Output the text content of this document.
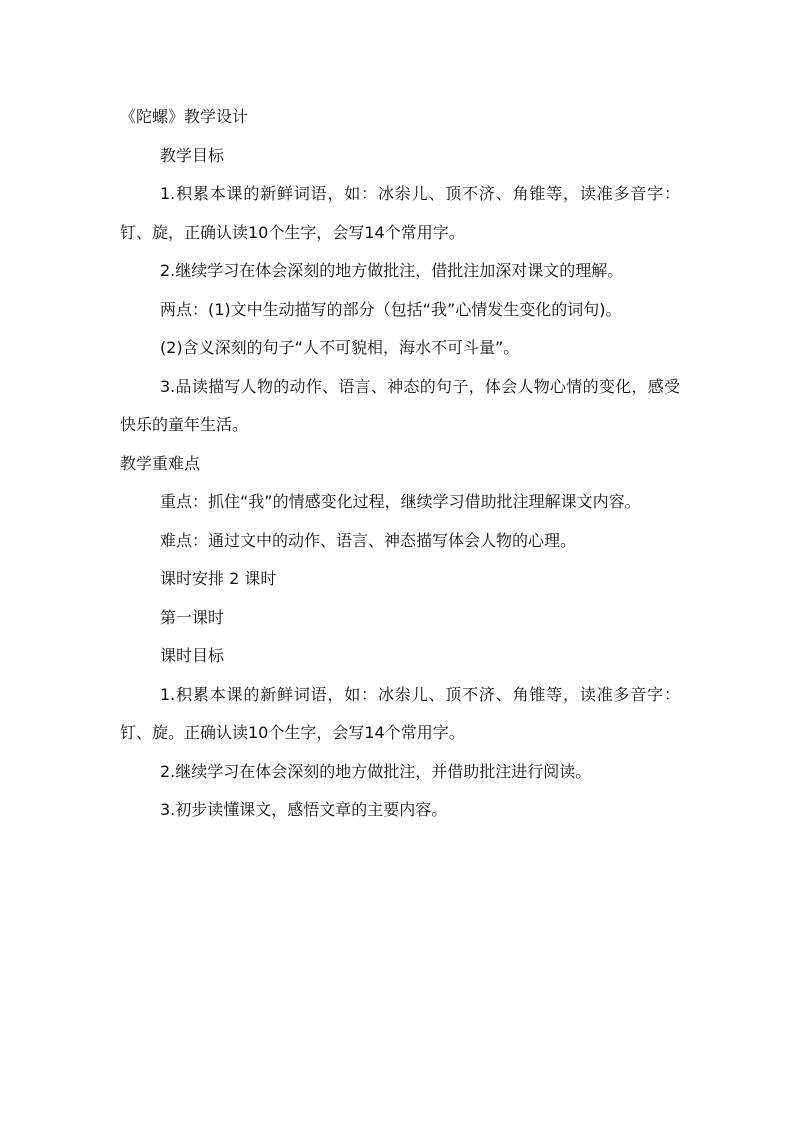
《陀螺》教学设计

教学目标

1.积累本课的新鲜词语，如：冰尜儿、顶不济、角锥等，读准多音字：钉、旋，正确认读10个生字，会写14个常用字。

2.继续学习在体会深刻的地方做批注，借批注加深对课文的理解。

两点：(1)文中生动描写的部分（包括“我”心情发生变化的词句)。

(2)含义深刻的句子“人不可貌相，海水不可斗量”。

3.品读描写人物的动作、语言、神态的句子，体会人物心情的变化，感受快乐的童年生活。

教学重难点

重点：抓住“我”的情感变化过程，继续学习借助批注理解课文内容。

难点：通过文中的动作、语言、神态描写体会人物的心理。

课时安排 2 课时

第一课时

课时目标

1.积累本课的新鲜词语，如：冰尜儿、顶不济、角锥等，读准多音字：钉、旋。正确认读10个生字，会写14个常用字。

2.继续学习在体会深刻的地方做批注，并借助批注进行阅读。

3.初步读懂课文，感悟文章的主要内容。
